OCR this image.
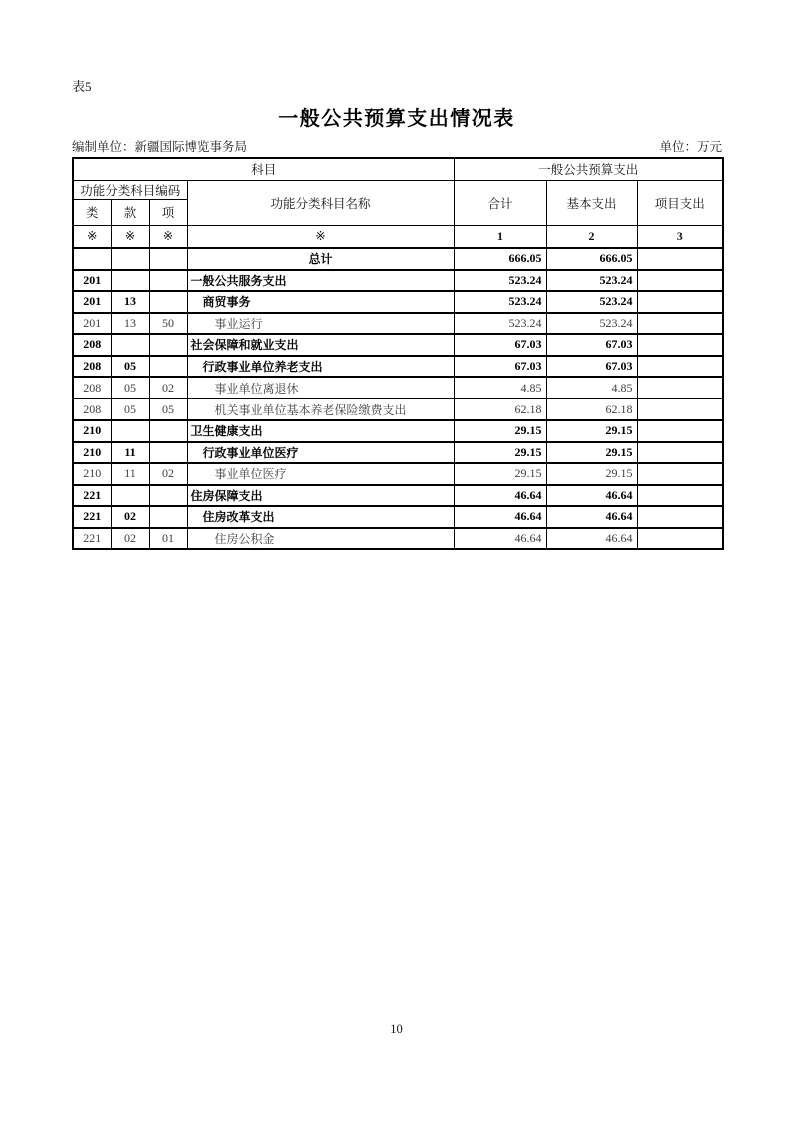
表5
一般公共预算支出情况表
编制单位：新疆国际博览事务局	单位：万元
科目				一般公共预算支出		
功能分类科目编码			功能分类科目名称	合计	基本支出	项目支出
类	款	项				
※	※	※	※	1	2	3
			总计	666.05	666.05	
201			一般公共服务支出	523.24	523.24	
201	13		商贸事务	523.24	523.24	
201	13	50	事业运行	523.24	523.24	
208			社会保障和就业支出	67.03	67.03	
208	05		行政事业单位养老支出	67.03	67.03	
208	05	02	事业单位离退休	4.85	4.85	
208	05	05	机关事业单位基本养老保险缴费支出	62.18	62.18	
210			卫生健康支出	29.15	29.15	
210	11		行政事业单位医疗	29.15	29.15	
210	11	02	事业单位医疗	29.15	29.15	
221			住房保障支出	46.64	46.64	
221	02		住房改革支出	46.64	46.64	
221	02	01	住房公积金	46.64	46.64	
10
